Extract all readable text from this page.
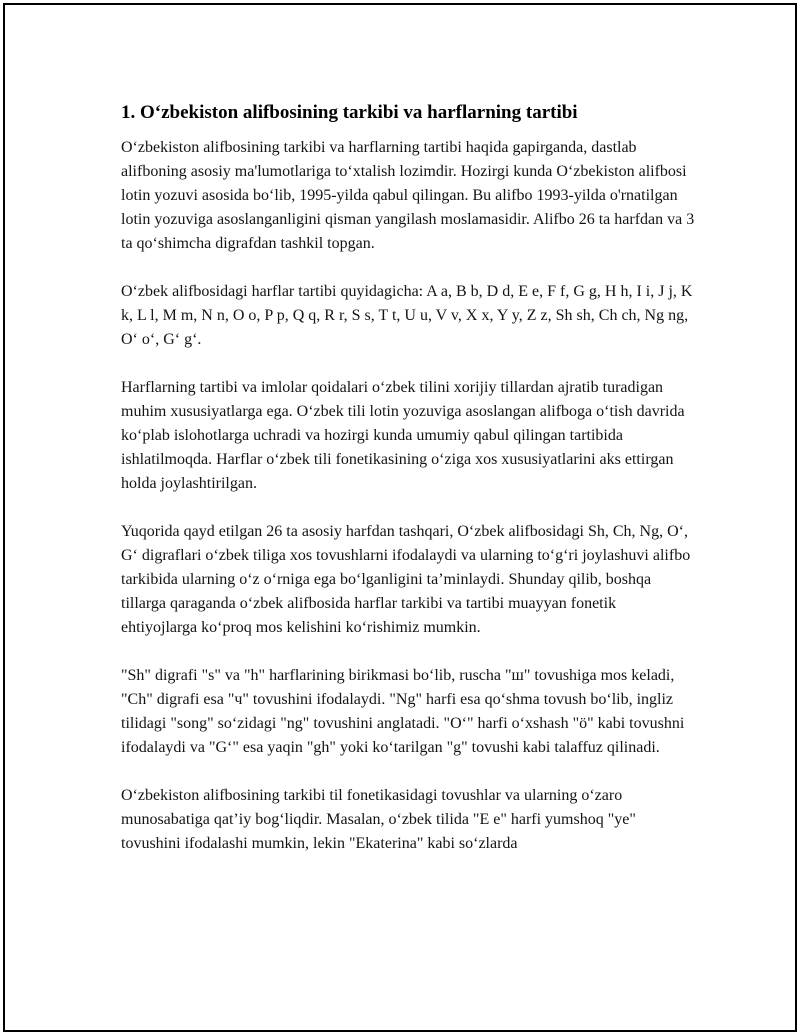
1. O‘zbekiston alifbosining tarkibi va harflarning tartibi

O‘zbekiston alifbosining tarkibi va harflarning tartibi haqida gapirganda, dastlab alifboning asosiy ma'lumotlariga to‘xtalish lozimdir. Hozirgi kunda O‘zbekiston alifbosi lotin yozuvi asosida bo‘lib, 1995-yilda qabul qilingan. Bu alifbo 1993-yilda o'rnatilgan lotin yozuviga asoslanganligini qisman yangilash moslamasidir. Alifbo 26 ta harfdan va 3 ta qo‘shimcha digrafdan tashkil topgan.

O‘zbek alifbosidagi harflar tartibi quyidagicha: A a, B b, D d, E e, F f, G g, H h, I i, J j, K k, L l, M m, N n, O o, P p, Q q, R r, S s, T t, U u, V v, X x, Y y, Z z, Sh sh, Ch ch, Ng ng, O‘ o‘, G‘ g‘.

Harflarning tartibi va imlolar qoidalari o‘zbek tilini xorijiy tillardan ajratib turadigan muhim xususiyatlarga ega. O‘zbek tili lotin yozuviga asoslangan alifboga o‘tish davrida ko‘plab islohotlarga uchradi va hozirgi kunda umumiy qabul qilingan tartibida ishlatilmoqda. Harflar o‘zbek tili fonetikasining o‘ziga xos xususiyatlarini aks ettirgan holda joylashtirilgan.

Yuqorida qayd etilgan 26 ta asosiy harfdan tashqari, O‘zbek alifbosidagi Sh, Ch, Ng, O‘, G‘ digraflari o‘zbek tiliga xos tovushlarni ifodalaydi va ularning to‘g‘ri joylashuvi alifbo tarkibida ularning o‘z o‘rniga ega bo‘lganligini ta’minlaydi. Shunday qilib, boshqa tillarga qaraganda o‘zbek alifbosida harflar tarkibi va tartibi muayyan fonetik ehtiyojlarga ko‘proq mos kelishini ko‘rishimiz mumkin.

"Sh" digrafi "s" va "h" harflarining birikmasi bo‘lib, ruscha "ш" tovushiga mos keladi, "Ch" digrafi esa "ч" tovushini ifodalaydi. "Ng" harfi esa qo‘shma tovush bo‘lib, ingliz tilidagi "song" so‘zidagi "ng" tovushini anglatadi. "O‘" harfi o‘xshash "ö" kabi tovushni ifodalaydi va "G‘" esa yaqin "gh" yoki ko‘tarilgan "g" tovushi kabi talaffuz qilinadi.

O‘zbekiston alifbosining tarkibi til fonetikasidagi tovushlar va ularning o‘zaro munosabatiga qat’iy bog‘liqdir. Masalan, o‘zbek tilida "E e" harfi yumshoq "ye" tovushini ifodalashi mumkin, lekin "Ekaterina" kabi so‘zlarda
